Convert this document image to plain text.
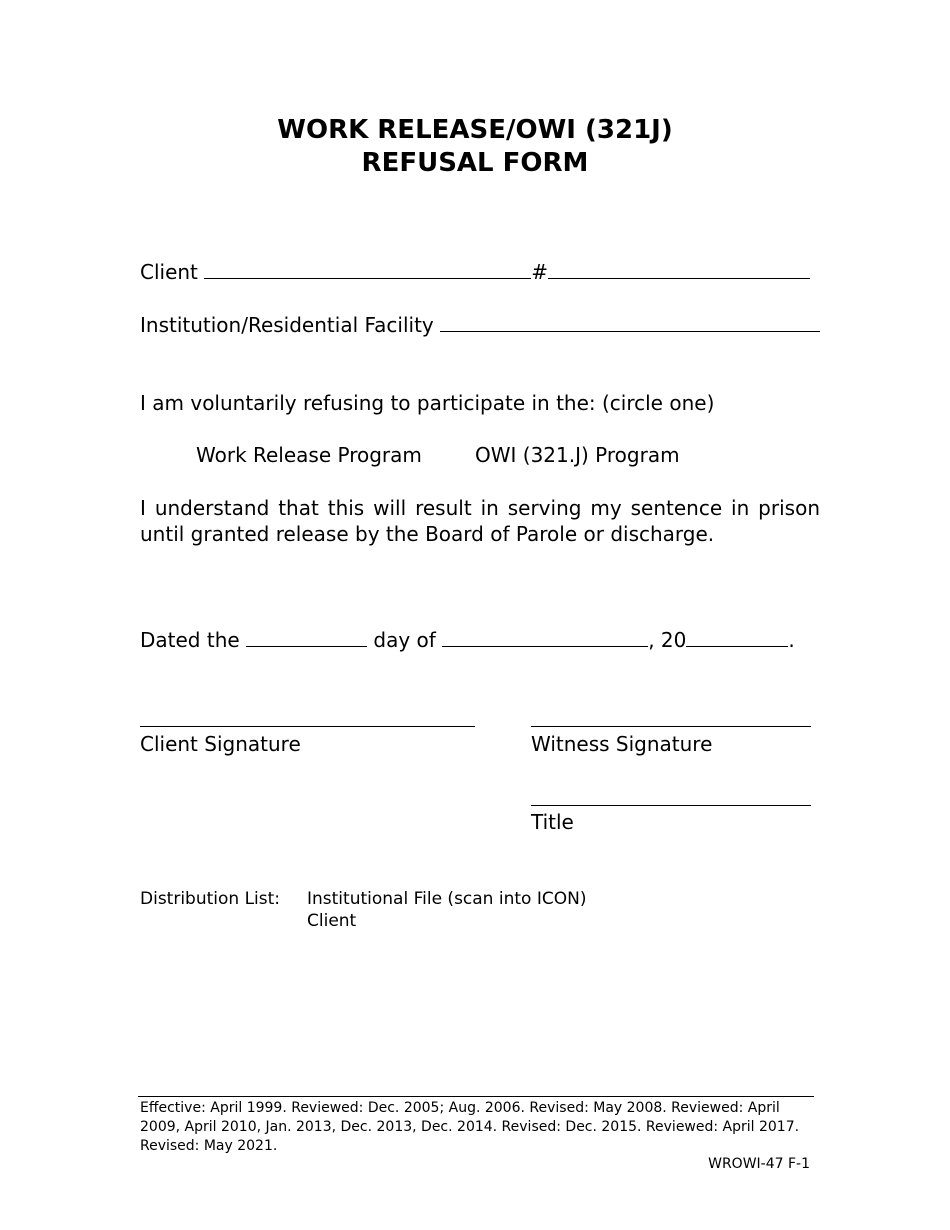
WORK RELEASE/OWI (321J)
REFUSAL FORM
Client	#
Institution/Residential Facility
I am voluntarily refusing to participate in the: (circle one)
Work Release Program	OWI (321.J) Program
I understand that this will result in serving my sentence in prison until granted release by the Board of Parole or discharge.
Dated the	day of	, 20	.
Client Signature	Witness Signature
Title
Distribution List: Institutional File (scan into ICON)
Client
Effective: April 1999. Reviewed: Dec. 2005; Aug. 2006. Revised: May 2008. Reviewed: April 2009, April 2010, Jan. 2013, Dec. 2013, Dec. 2014. Revised: Dec. 2015. Reviewed: April 2017. Revised: May 2021.
WROWI-47 F-1
